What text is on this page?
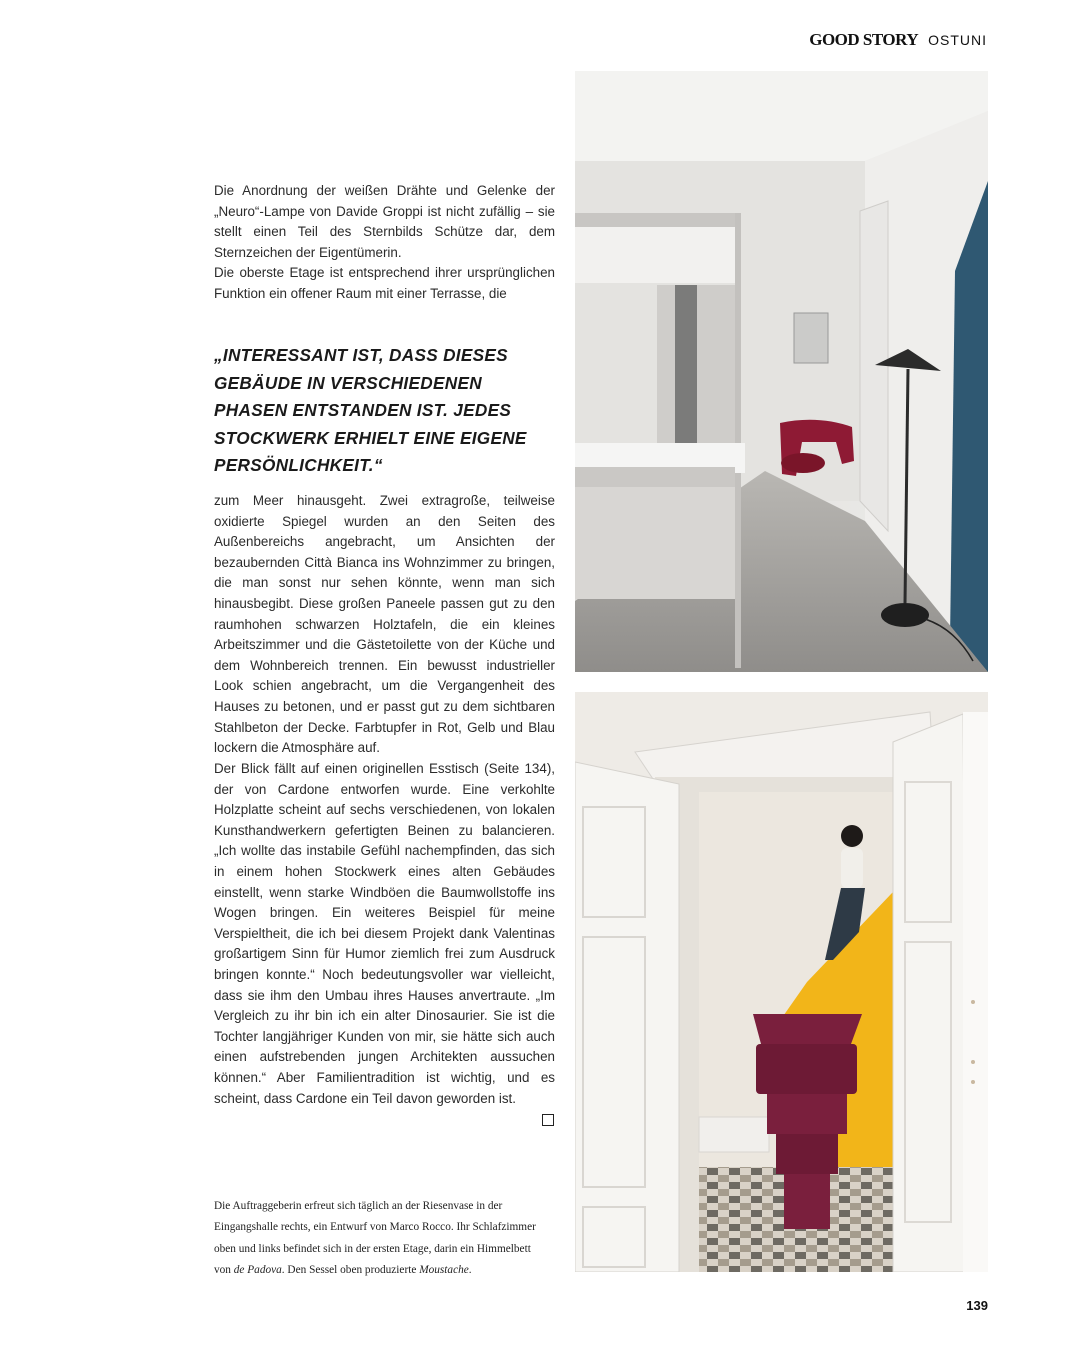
GOOD STORY OSTUNI

Die Anordnung der weißen Drähte und Gelenke der „Neuro“-Lampe von Davide Groppi ist nicht zufällig – sie stellt einen Teil des Sternbilds Schütze dar, dem Sternzeichen der Eigentümerin.

Die oberste Etage ist entsprechend ihrer ursprünglichen Funktion ein offener Raum mit einer Terrasse, die

„INTERESSANT IST, DASS DIESES GEBÄUDE IN VERSCHIEDENEN PHASEN ENTSTANDEN IST. JEDES STOCKWERK ERHIELT EINE EIGENE PERSÖNLICHKEIT.“

zum Meer hinausgeht. Zwei extragroße, teilweise oxidierte Spiegel wurden an den Seiten des Außenbereichs angebracht, um Ansichten der bezaubernden Città Bianca ins Wohnzimmer zu bringen, die man sonst nur sehen könnte, wenn man sich hinausbegibt. Diese großen Paneele passen gut zu den raumhohen schwarzen Holztafeln, die ein kleines Arbeitszimmer und die Gästetoilette von der Küche und dem Wohnbereich trennen. Ein bewusst industrieller Look schien angebracht, um die Vergangenheit des Hauses zu betonen, und er passt gut zu dem sichtbaren Stahlbeton der Decke. Farbtupfer in Rot, Gelb und Blau lockern die Atmosphäre auf.

Der Blick fällt auf einen originellen Esstisch (Seite 134), der von Cardone entworfen wurde. Eine verkohlte Holzplatte scheint auf sechs verschiedenen, von lokalen Kunsthandwerkern gefertigten Beinen zu balancieren. „Ich wollte das instabile Gefühl nachempfinden, das sich in einem hohen Stockwerk eines alten Gebäudes einstellt, wenn starke Windböen die Baumwollstoffe ins Wogen bringen. Ein weiteres Beispiel für meine Verspieltheit, die ich bei diesem Projekt dank Valentinas großartigem Sinn für Humor ziemlich frei zum Ausdruck bringen konnte.“ Noch bedeutungsvoller war vielleicht, dass sie ihm den Umbau ihres Hauses anvertraute. „Im Vergleich zu ihr bin ich ein alter Dinosaurier. Sie ist die Tochter langjähriger Kunden von mir, sie hätte sich auch einen aufstrebenden jungen Architekten aussuchen können.“ Aber Familientradition ist wichtig, und es scheint, dass Cardone ein Teil davon geworden ist.

Die Auftraggeberin erfreut sich täglich an der Riesenvase in der Eingangshalle rechts, ein Entwurf von Marco Rocco. Ihr Schlafzimmer oben und links befindet sich in der ersten Etage, darin ein Himmelbett von de Padova. Den Sessel oben produzierte Moustache.

139
